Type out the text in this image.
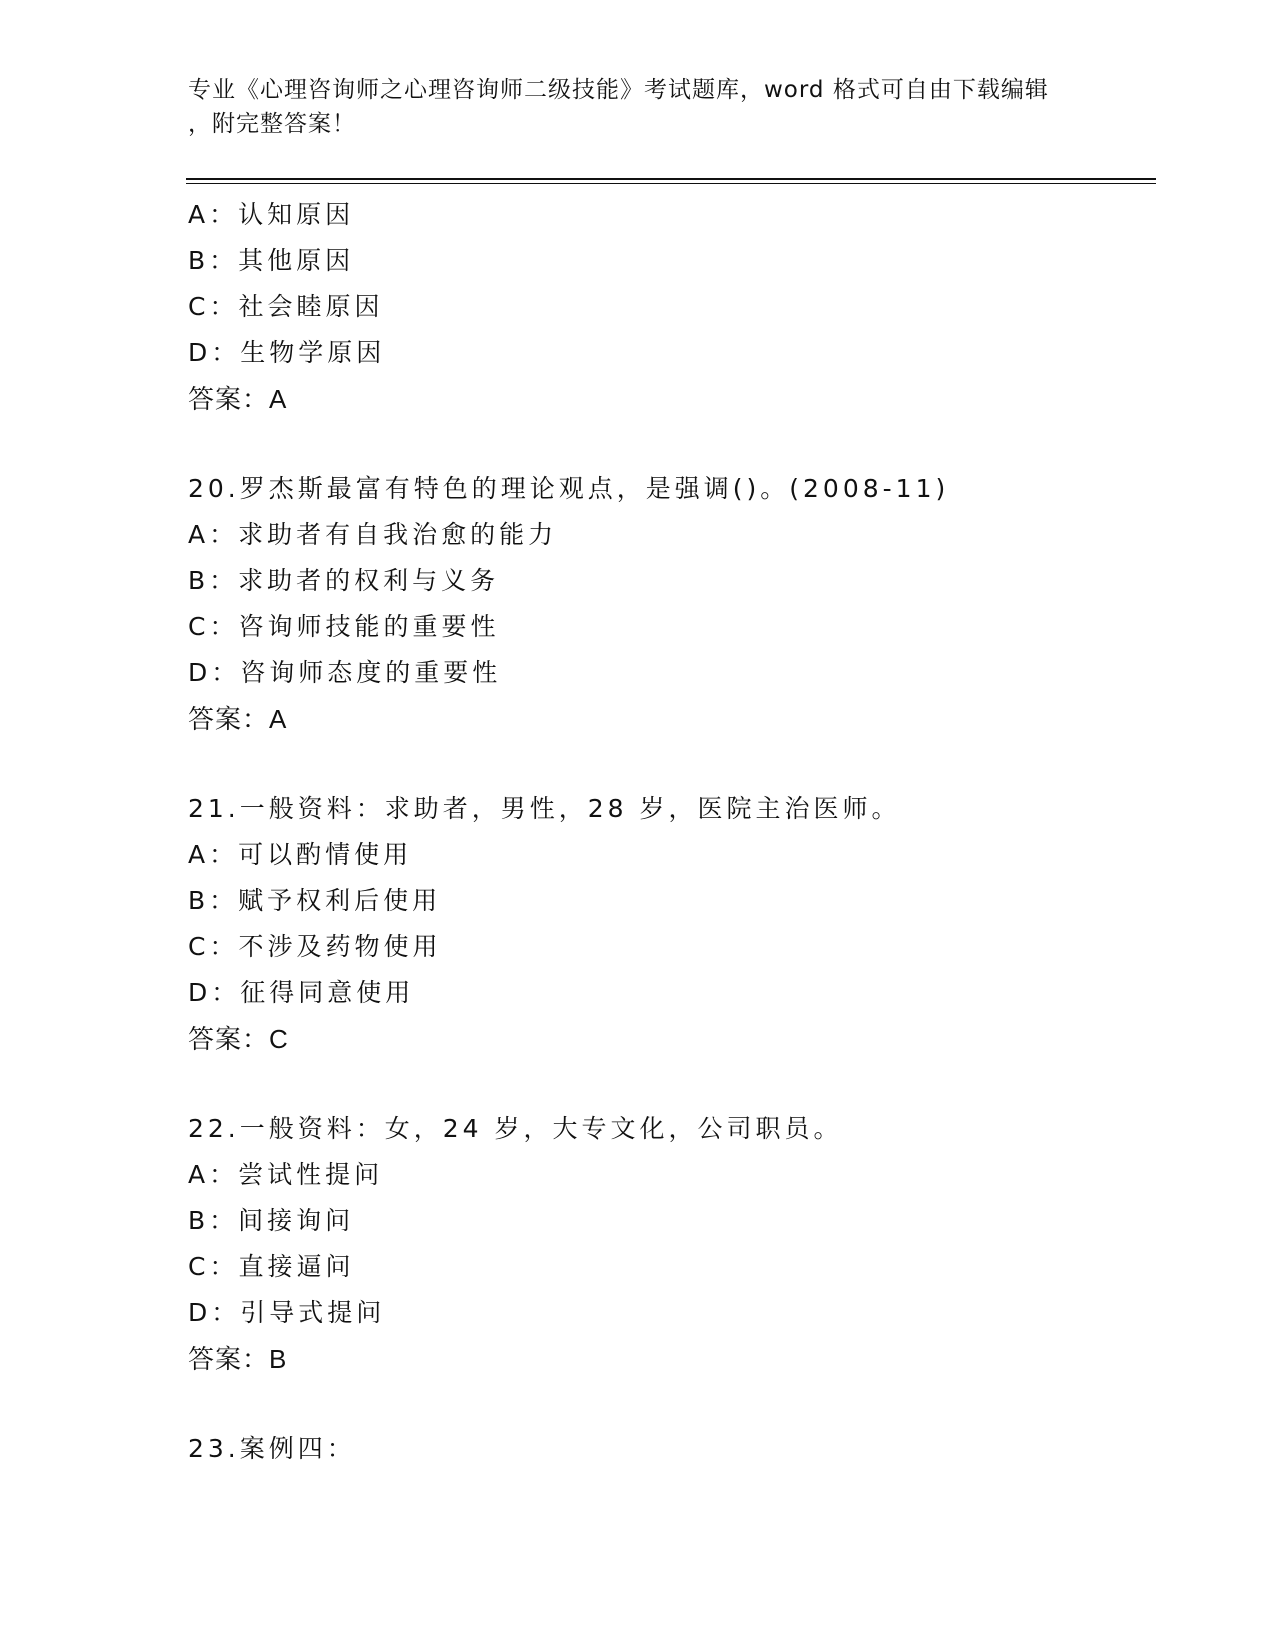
专业《心理咨询师之心理咨询师二级技能》考试题库，word 格式可自由下载编辑
，附完整答案！
A：认知原因
B：其他原因
C：社会睦原因
D：生物学原因
答案：A
20.罗杰斯最富有特色的理论观点，是强调()。(2008-11)
A：求助者有自我治愈的能力
B：求助者的权利与义务
C：咨询师技能的重要性
D：咨询师态度的重要性
答案：A
21.一般资料：求助者，男性，28 岁，医院主治医师。
A：可以酌情使用
B：赋予权利后使用
C：不涉及药物使用
D：征得同意使用
答案：C
22.一般资料：女，24 岁，大专文化，公司职员。
A：尝试性提问
B：间接询问
C：直接逼问
D：引导式提问
答案：B
23.案例四：
